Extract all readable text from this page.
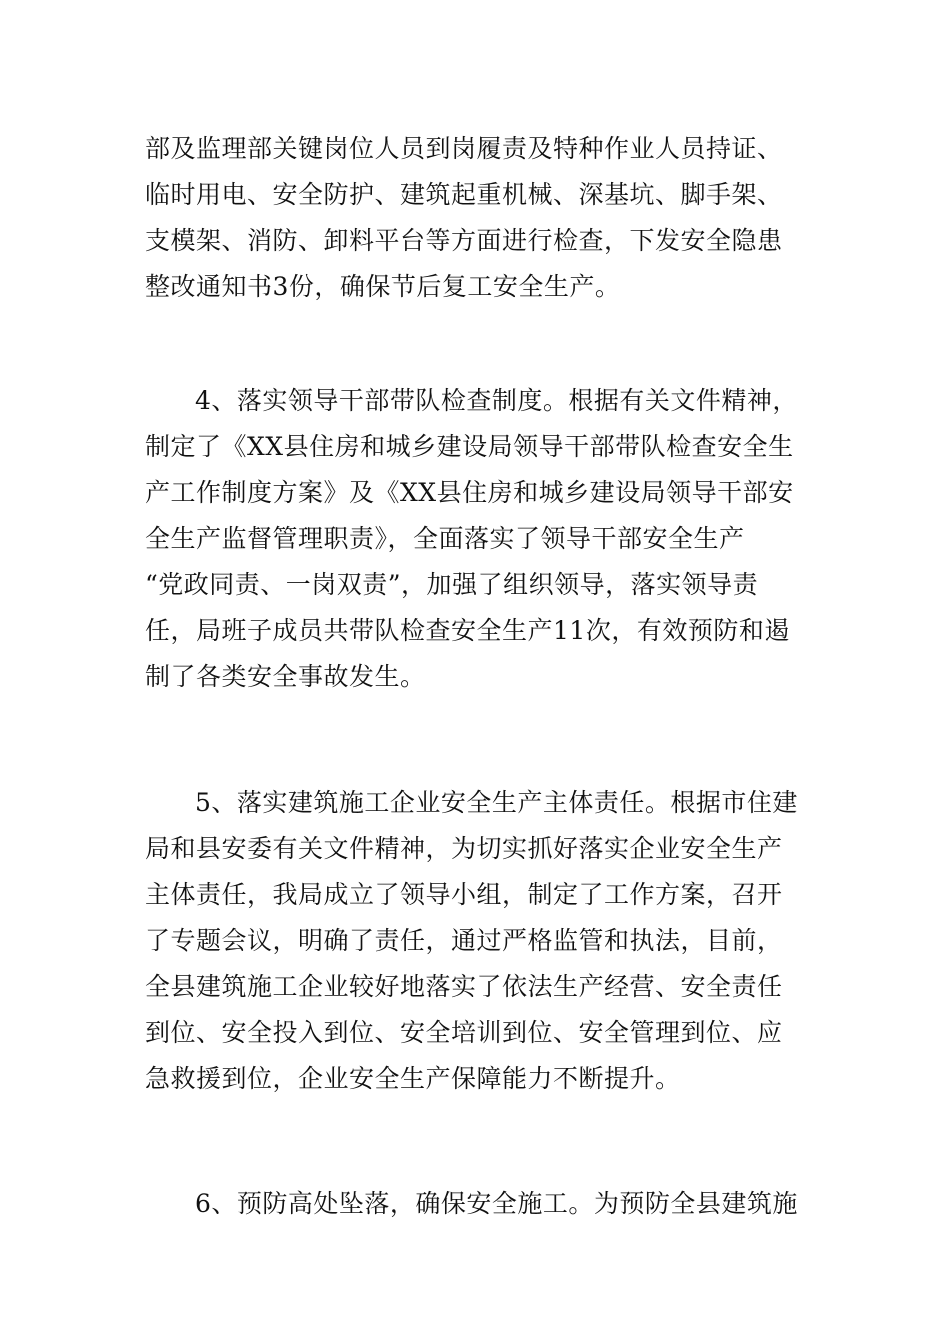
部及监理部关键岗位人员到岗履责及特种作业人员持证、
临时用电、安全防护、建筑起重机械、深基坑、脚手架、
支模架、消防、卸料平台等方面进行检查，下发安全隐患
整改通知书3份，确保节后复工安全生产。
4、落实领导干部带队检查制度。根据有关文件精神，
制定了《XX县住房和城乡建设局领导干部带队检查安全生
产工作制度方案》及《XX县住房和城乡建设局领导干部安
全生产监督管理职责》，全面落实了领导干部安全生产
“党政同责、一岗双责”，加强了组织领导，落实领导责
任，局班子成员共带队检查安全生产11次，有效预防和遏
制了各类安全事故发生。
5、落实建筑施工企业安全生产主体责任。根据市住建
局和县安委有关文件精神，为切实抓好落实企业安全生产
主体责任，我局成立了领导小组，制定了工作方案，召开
了专题会议，明确了责任，通过严格监管和执法，目前，
全县建筑施工企业较好地落实了依法生产经营、安全责任
到位、安全投入到位、安全培训到位、安全管理到位、应
急救援到位，企业安全生产保障能力不断提升。
6、预防高处坠落，确保安全施工。为预防全县建筑施
